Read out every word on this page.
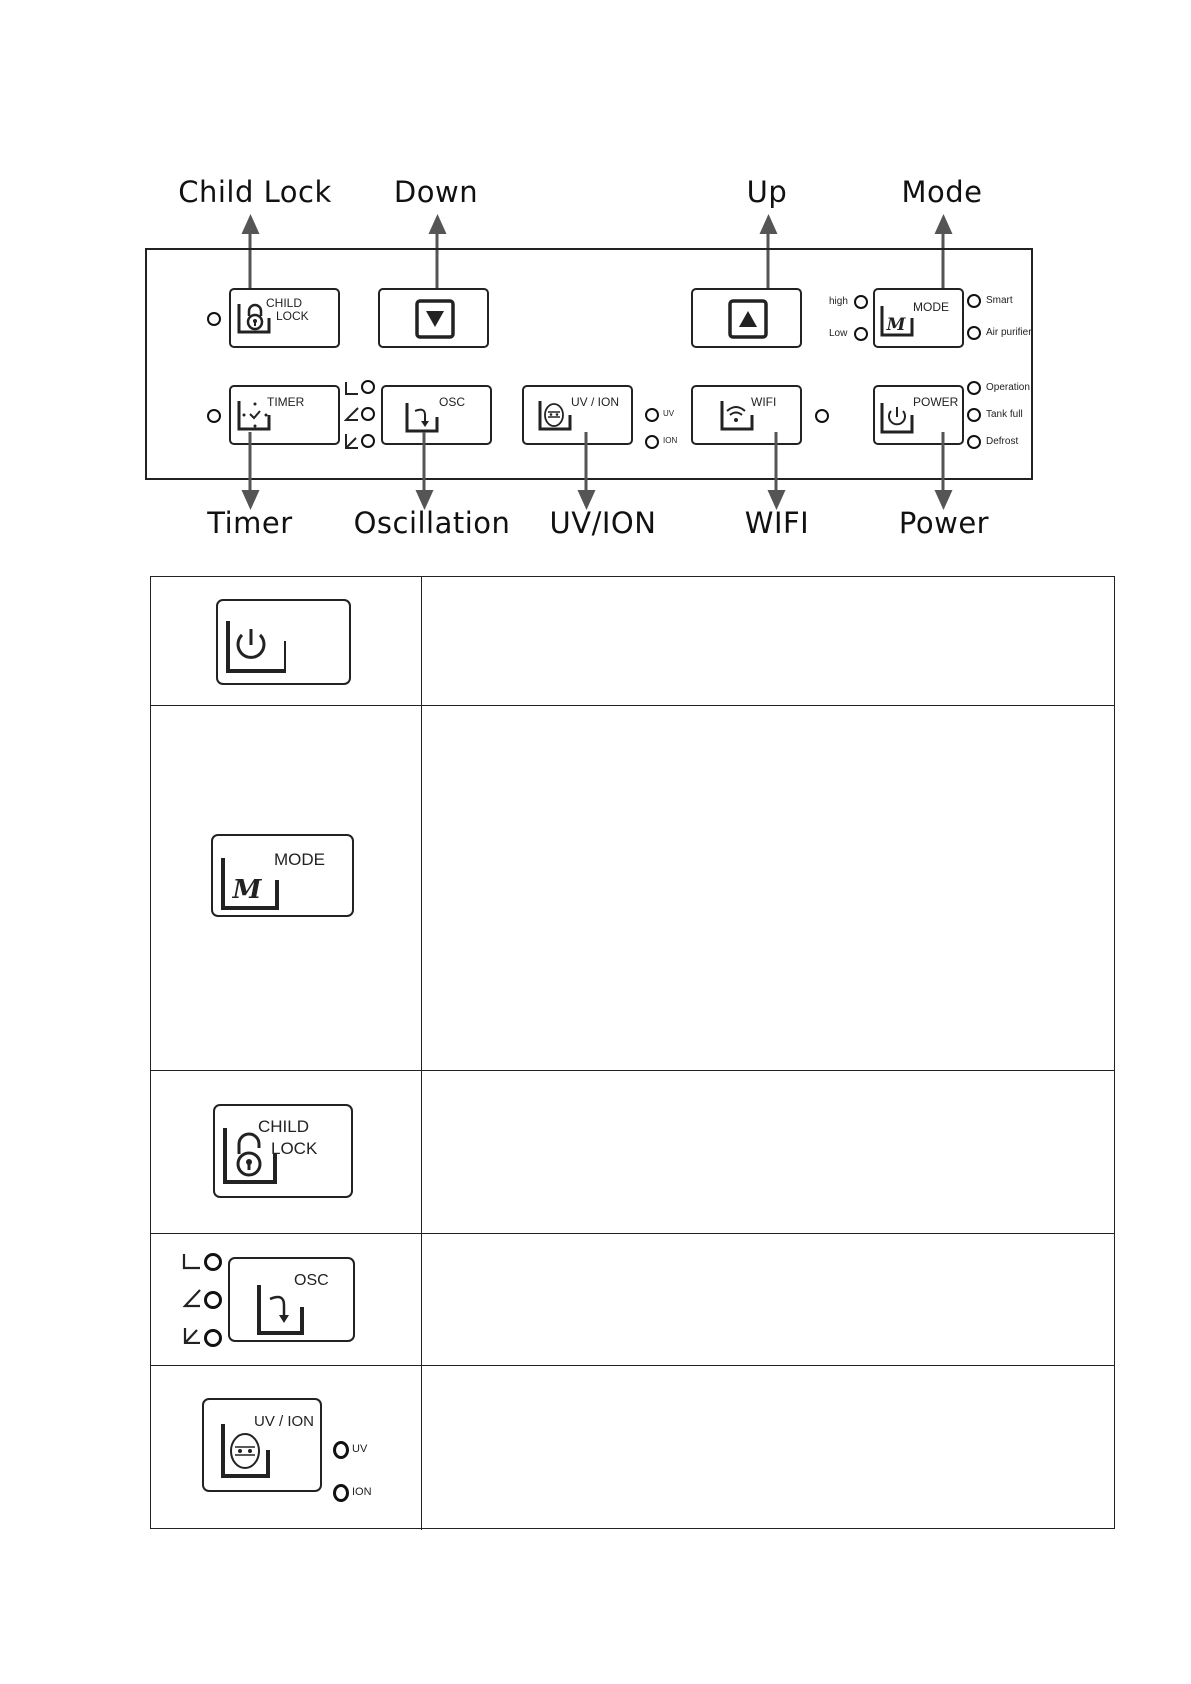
Child Lock Down	Up	Mode
CHILD
LOCK
high
Low M
MODE	Smart
Air purifier
TIMER	OSC	UV / ION
UV
ION
WIFI	POWER
Operation
Tank full
Defrost
Timer Oscillation UV/ION	WIFI	Power
M
MODE
CHILD
LOCK
OSC
UV / ION
UV
ION
